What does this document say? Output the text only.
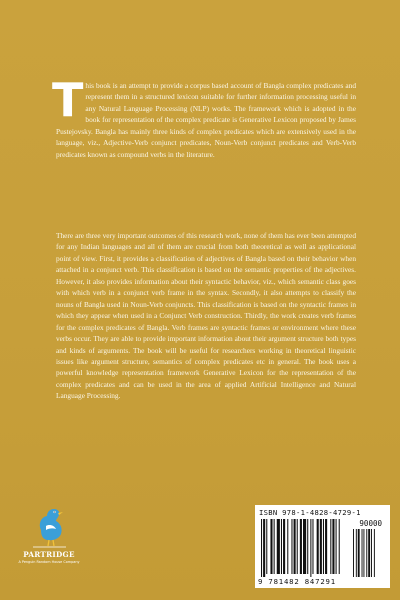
T his book is an attempt to provide a corpus based account of Bangla complex predicates and represent them in a structured lexicon suitable for further information processing useful in any Natural Language Processing (NLP) works. The framework which is adopted in the book for representation of the complex predicate is Generative Lexicon proposed by James Pustejovsky. Bangla has mainly three kinds of complex predicates which are extensively used in the language, viz., Adjective-Verb conjunct predicates, Noun-Verb conjunct predicates and Verb-Verb predicates known as compound verbs in the literature.
There are three very important outcomes of this research work, none of them has ever been attempted for any Indian languages and all of them are crucial from both theoretical as well as applicational point of view. First, it provides a classification of adjectives of Bangla based on their behavior when attached in a conjunct verb. This classification is based on the semantic properties of the adjectives. However, it also provides information about their syntactic behavior, viz., which semantic class goes with which verb in a conjunct verb frame in the syntax. Secondly, it also attempts to classify the nouns of Bangla used in Noun-Verb conjuncts. This classification is based on the syntactic frames in which they appear when used in a Conjunct Verb construction. Thirdly, the work creates verb frames for the complex predicates of Bangla. Verb frames are syntactic frames or environment where these verbs occur. They are able to provide important information about their argument structure both types and kinds of arguments. The book will be useful for researchers working in theoretical linguistic issues like argument structure, semantics of complex predicates etc in general. The book uses a powerful knowledge representation framework Generative Lexicon for the representation of the complex predicates and can be used in the area of applied Artificial Intelligence and Natural Language Processing.
PARTRIDGE
A Penguin Random House Company
ISBN 978-1-4828-4729-1
90000
9 781482 847291
